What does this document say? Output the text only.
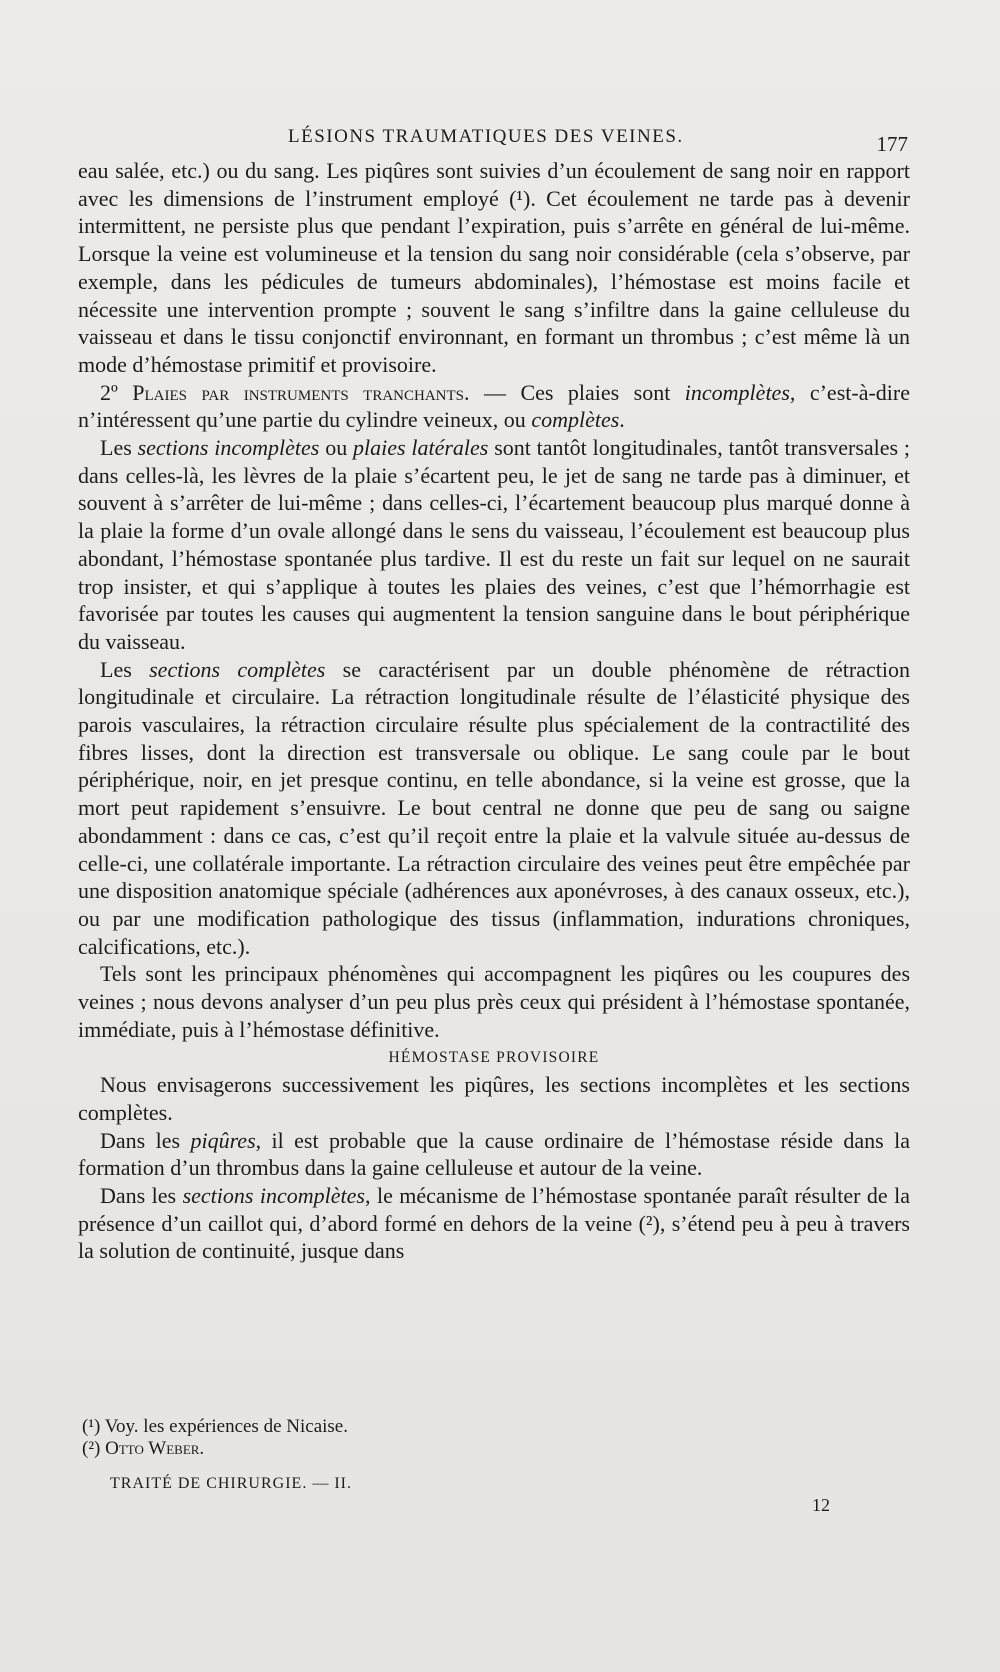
LÉSIONS TRAUMATIQUES DES VEINES.	177

eau salée, etc.) ou du sang. Les piqûres sont suivies d’un écoulement de sang noir en rapport avec les dimensions de l’instrument employé (¹). Cet écoulement ne tarde pas à devenir intermittent, ne persiste plus que pendant l’expiration, puis s’arrête en général de lui-même. Lorsque la veine est volumineuse et la tension du sang noir considérable (cela s’observe, par exemple, dans les pédicules de tumeurs abdominales), l’hémostase est moins facile et nécessite une intervention prompte ; souvent le sang s’infiltre dans la gaine celluleuse du vaisseau et dans le tissu conjonctif environnant, en formant un thrombus ; c’est même là un mode d’hémostase primitif et provisoire.

2º Plaies par instruments tranchants. — Ces plaies sont incomplètes, c’est-à-dire n’intéressent qu’une partie du cylindre veineux, ou complètes.

Les sections incomplètes ou plaies latérales sont tantôt longitudinales, tantôt transversales ; dans celles-là, les lèvres de la plaie s’écartent peu, le jet de sang ne tarde pas à diminuer, et souvent à s’arrêter de lui-même ; dans celles-ci, l’écartement beaucoup plus marqué donne à la plaie la forme d’un ovale allongé dans le sens du vaisseau, l’écoulement est beaucoup plus abondant, l’hémostase spontanée plus tardive. Il est du reste un fait sur lequel on ne saurait trop insister, et qui s’applique à toutes les plaies des veines, c’est que l’hémorrhagie est favorisée par toutes les causes qui augmentent la tension sanguine dans le bout périphérique du vaisseau.

Les sections complètes se caractérisent par un double phénomène de rétraction longitudinale et circulaire. La rétraction longitudinale résulte de l’élasticité physique des parois vasculaires, la rétraction circulaire résulte plus spécialement de la contractilité des fibres lisses, dont la direction est transversale ou oblique. Le sang coule par le bout périphérique, noir, en jet presque continu, en telle abondance, si la veine est grosse, que la mort peut rapidement s’ensuivre. Le bout central ne donne que peu de sang ou saigne abondamment : dans ce cas, c’est qu’il reçoit entre la plaie et la valvule située au-dessus de celle-ci, une collatérale importante. La rétraction circulaire des veines peut être empêchée par une disposition anatomique spéciale (adhérences aux aponévroses, à des canaux osseux, etc.), ou par une modification pathologique des tissus (inflammation, indurations chroniques, calcifications, etc.).

Tels sont les principaux phénomènes qui accompagnent les piqûres ou les coupures des veines ; nous devons analyser d’un peu plus près ceux qui président à l’hémostase spontanée, immédiate, puis à l’hémostase définitive.

HÉMOSTASE PROVISOIRE

Nous envisagerons successivement les piqûres, les sections incomplètes et les sections complètes.

Dans les piqûres, il est probable que la cause ordinaire de l’hémostase réside dans la formation d’un thrombus dans la gaine celluleuse et autour de la veine.

Dans les sections incomplètes, le mécanisme de l’hémostase spontanée paraît résulter de la présence d’un caillot qui, d’abord formé en dehors de la veine (²), s’étend peu à peu à travers la solution de continuité, jusque dans

(¹) Voy. les expériences de Nicaise.
(²) Otto Weber.
TRAITÉ DE CHIRURGIE. — II.
12
